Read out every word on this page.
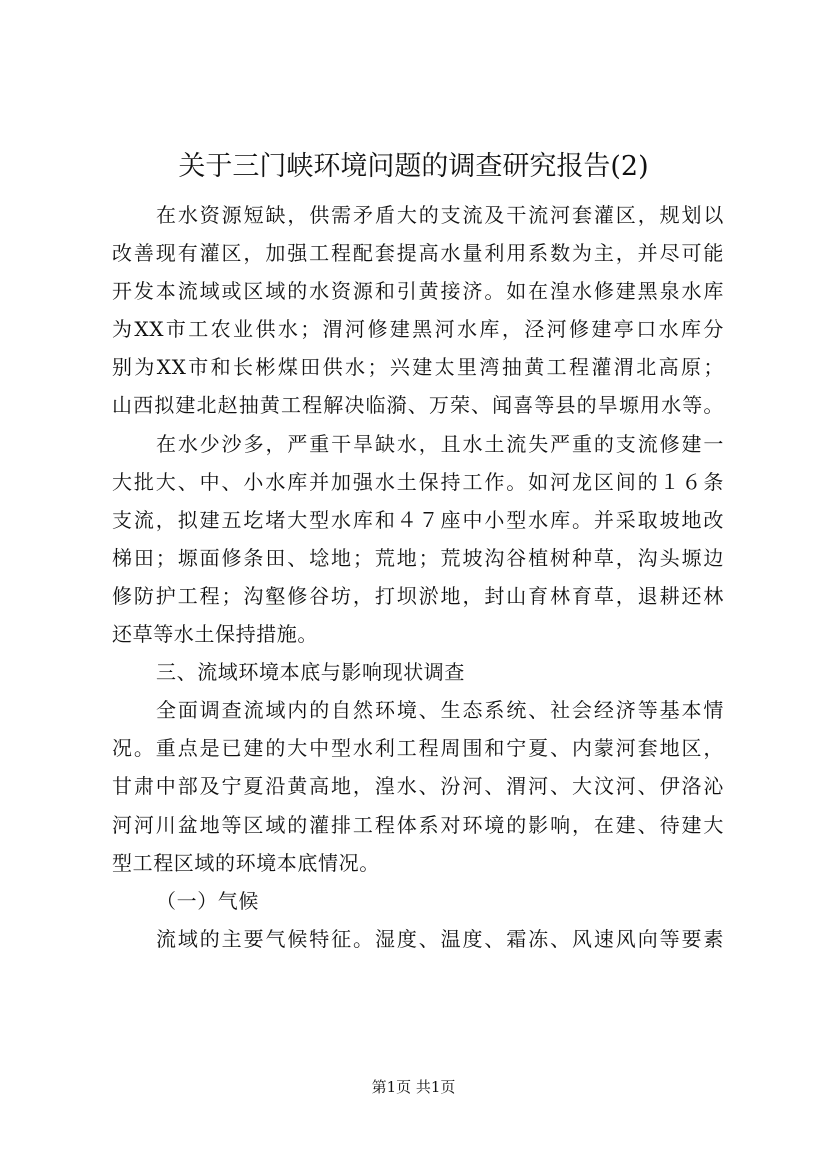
关于三门峡环境问题的调查研究报告(2)
在水资源短缺，供需矛盾大的支流及干流河套灌区，规划以
改善现有灌区，加强工程配套提高水量利用系数为主，并尽可能
开发本流域或区域的水资源和引黄接济。如在湟水修建黑泉水库
为XX市工农业供水；渭河修建黑河水库，泾河修建亭口水库分
别为XX市和长彬煤田供水；兴建太里湾抽黄工程灌渭北高原；
山西拟建北赵抽黄工程解决临漪、万荣、闻喜等县的旱塬用水等。
在水少沙多，严重干旱缺水，且水土流失严重的支流修建一
大批大、中、小水库并加强水土保持工作。如河龙区间的１６条
支流，拟建五圪堵大型水库和４７座中小型水库。并采取坡地改
梯田；塬面修条田、埝地；荒地；荒坡沟谷植树种草，沟头塬边
修防护工程；沟壑修谷坊，打坝淤地，封山育林育草，退耕还林
还草等水土保持措施。
三、流域环境本底与影响现状调查
全面调查流域内的自然环境、生态系统、社会经济等基本情
况。重点是已建的大中型水利工程周围和宁夏、内蒙河套地区，
甘肃中部及宁夏沿黄高地，湟水、汾河、渭河、大汶河、伊洛沁
河河川盆地等区域的灌排工程体系对环境的影响，在建、待建大
型工程区域的环境本底情况。
（一）气候
流域的主要气候特征。湿度、温度、霜冻、风速风向等要素
第1页 共1页
